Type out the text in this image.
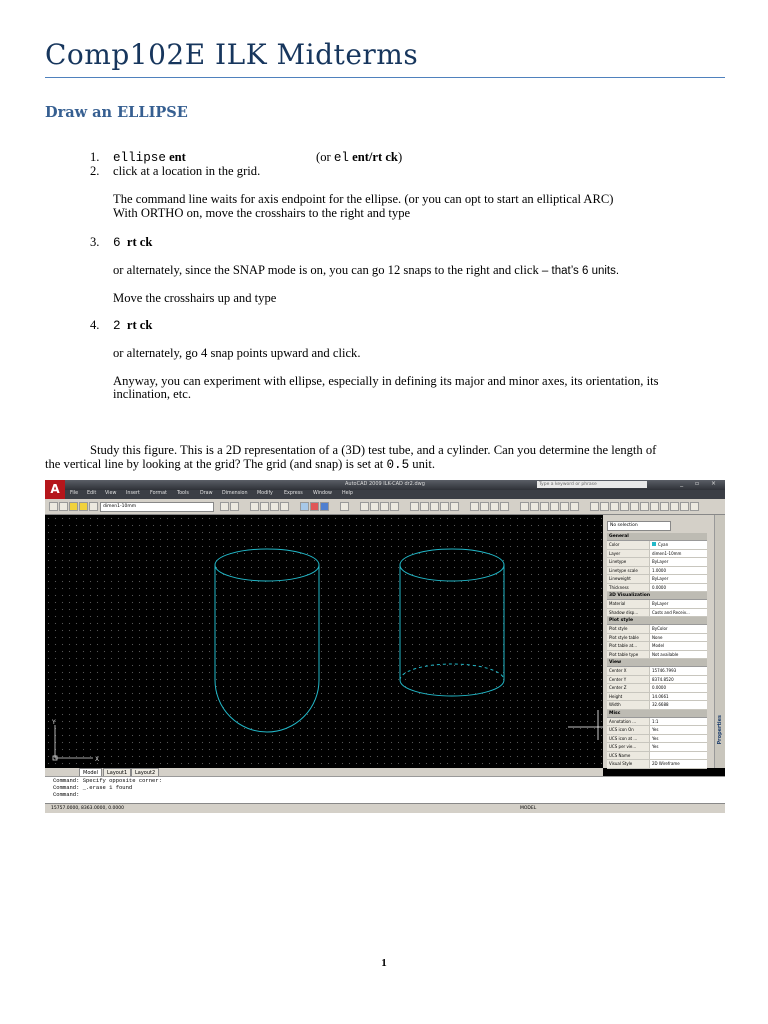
Comp102E ILK Midterms
Draw an ELLIPSE
1. ellipse ent	(or el ent/rt ck)
2. click at a location in the grid.
The command line waits for axis endpoint for the ellipse. (or you can opt to start an elliptical ARC)
With ORTHO on, move the crosshairs to the right and type
3. 6 rt ck
or alternately, since the SNAP mode is on, you can go 12 snaps to the right and click – that’s 6 units.
Move the crosshairs up and type
4. 2 rt ck
or alternately, go 4 snap points upward and click.
Anyway, you can experiment with ellipse, especially in defining its major and minor axes, its orientation, its
inclination, etc.
Study this figure. This is a 2D representation of a (3D) test tube, and a cylinder. Can you determine the length of
the vertical line by looking at the grid? The grid (and snap) is set at 0.5 unit.
AutoCAD 2009 ILK-CAD dr2.dwg	Type a keyword or phrase	_ ▫ ×
A	File Edit View Insert Format Tools Draw Dimension Modify Express Window Help
dimen1-10mm
Y
X
Model	Layout1	Layout2
No selection
General
Color	Cyan
Layer	dimen1-10mm
Linetype	ByLayer
Linetype scale	1.0000
Lineweight	ByLayer
Thickness	0.0000
3D Visualization
Material	ByLayer
Shadow disp...	Casts and Receiv...
Plot style
Plot style	ByColor
Plot style table	None
Plot table at...	Model
Plot table type	Not available
View
Center X	15746.7993
Center Y	8374.8520
Center Z	0.0000
Height	14.0661
Width	32.6688
Misc
Annotation ...	1:1
UCS icon On	Yes
UCS icon at ...	Yes
UCS per vie...	Yes
UCS Name
Visual Style	2D Wireframe
Properties
Command: Specify opposite corner:
Command: _.erase 1 found
Command:
15757.0000, 8363.0000, 0.0000	MODEL
1
